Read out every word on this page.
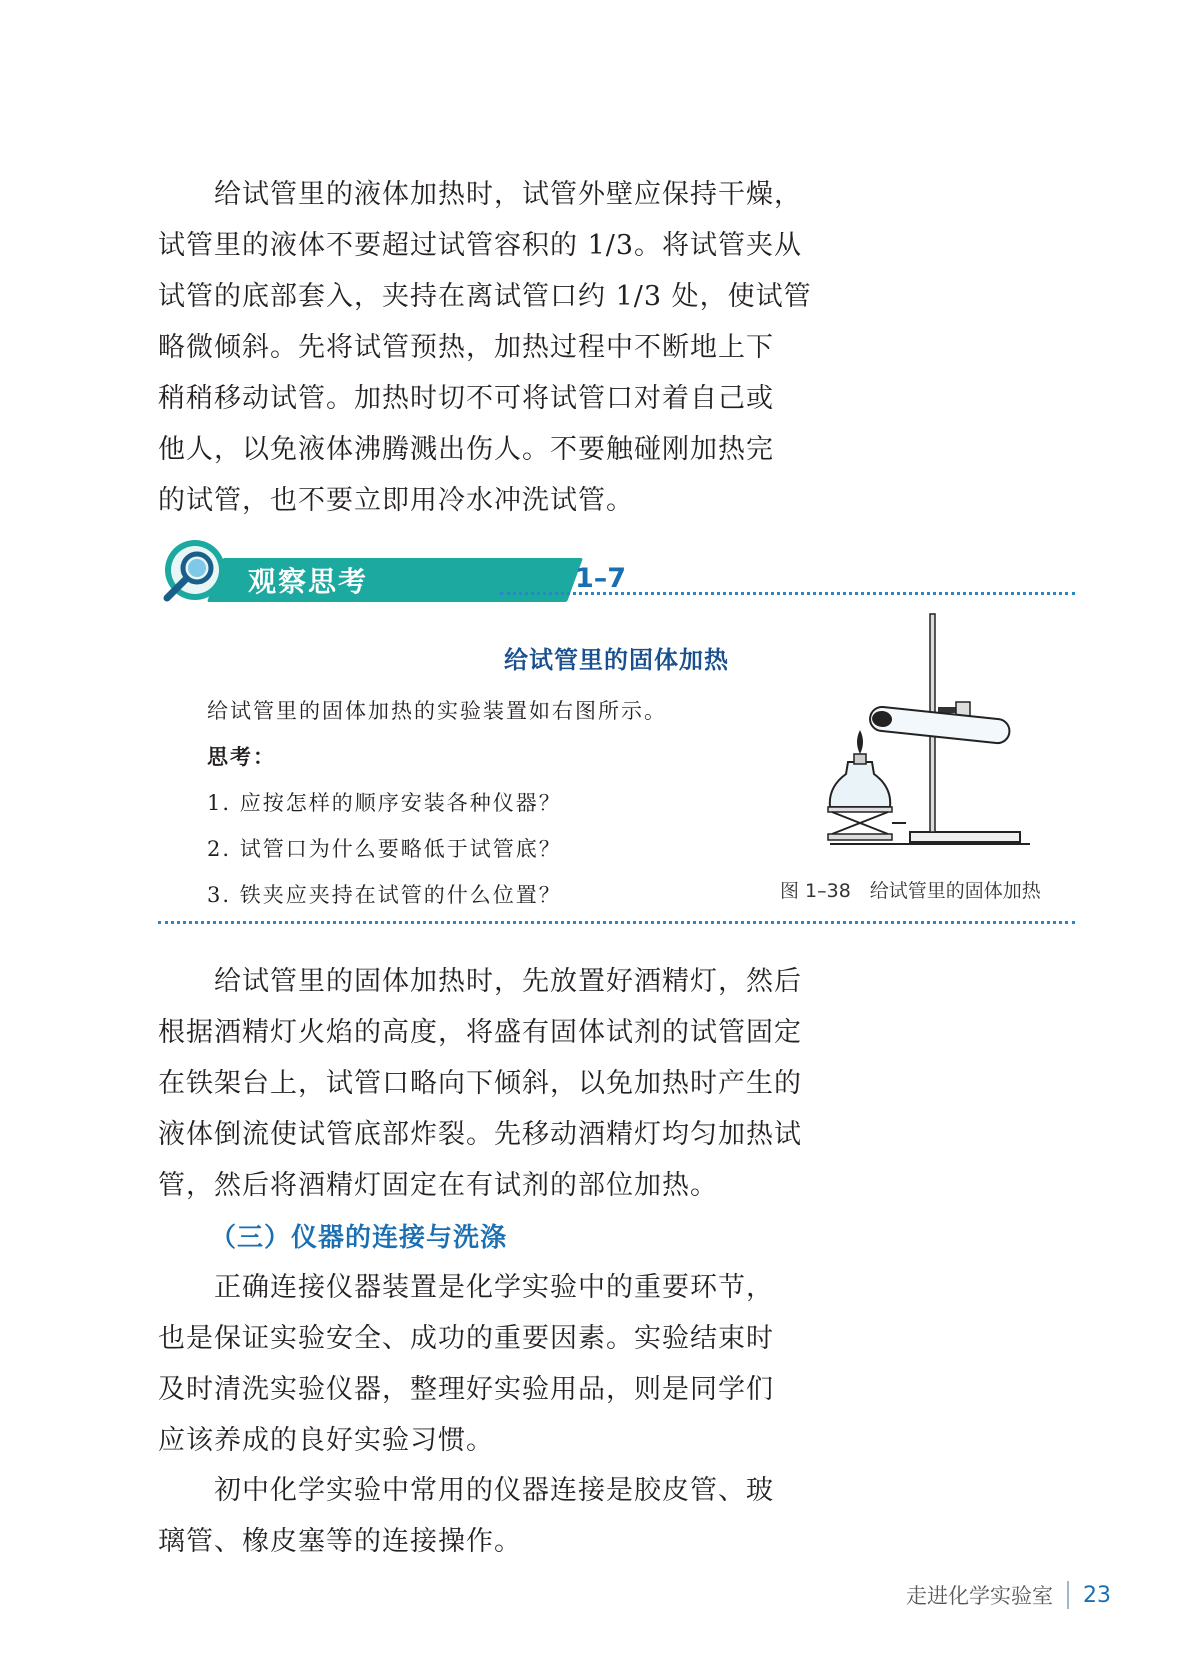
给试管里的液体加热时，试管外壁应保持干燥，
试管里的液体不要超过试管容积的 1/3。将试管夹从
试管的底部套入，夹持在离试管口约 1/3 处，使试管
略微倾斜。先将试管预热，加热过程中不断地上下
稍稍移动试管。加热时切不可将试管口对着自己或
他人，以免液体沸腾溅出伤人。不要触碰刚加热完
的试管，也不要立即用冷水冲洗试管。
观察思考	1–7
给试管里的固体加热
给试管里的固体加热的实验装置如右图所示。
思考：
1. 应按怎样的顺序安装各种仪器？
2. 试管口为什么要略低于试管底？
3. 铁夹应夹持在试管的什么位置？	图 1–38　给试管里的固体加热

给试管里的固体加热时，先放置好酒精灯，然后
根据酒精灯火焰的高度，将盛有固体试剂的试管固定
在铁架台上，试管口略向下倾斜，以免加热时产生的
液体倒流使试管底部炸裂。先移动酒精灯均匀加热试
管，然后将酒精灯固定在有试剂的部位加热。
（三）仪器的连接与洗涤
正确连接仪器装置是化学实验中的重要环节，
也是保证实验安全、成功的重要因素。实验结束时
及时清洗实验仪器，整理好实验用品，则是同学们
应该养成的良好实验习惯。
初中化学实验中常用的仪器连接是胶皮管、玻
璃管、橡皮塞等的连接操作。
走进化学实验室 23
